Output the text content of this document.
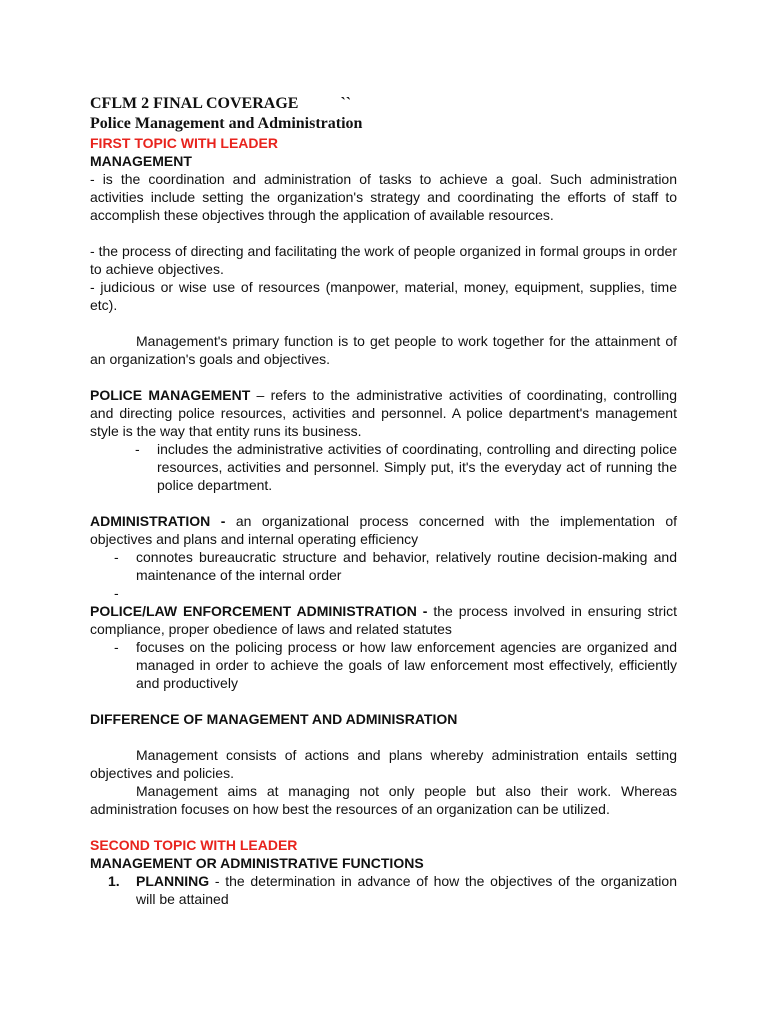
CFLM 2 FINAL COVERAGE	``

Police Management and Administration

FIRST TOPIC WITH LEADER

MANAGEMENT

- is the coordination and administration of tasks to achieve a goal. Such administration activities include setting the organization's strategy and coordinating the efforts of staff to accomplish these objectives through the application of available resources.

- the process of directing and facilitating the work of people organized in formal groups in order to achieve objectives.

- judicious or wise use of resources (manpower, material, money, equipment, supplies, time etc).

Management's primary function is to get people to work together for the attainment of an organization's goals and objectives.

POLICE MANAGEMENT – refers to the administrative activities of coordinating, controlling and directing police resources, activities and personnel. A police department's management style is the way that entity runs its business.

- includes the administrative activities of coordinating, controlling and directing police resources, activities and personnel. Simply put, it's the everyday act of running the police department.

ADMINISTRATION - an organizational process concerned with the implementation of objectives and plans and internal operating efficiency

- connotes bureaucratic structure and behavior, relatively routine decision-making and maintenance of the internal order
-

POLICE/LAW ENFORCEMENT ADMINISTRATION - the process involved in ensuring strict compliance, proper obedience of laws and related statutes

- focuses on the policing process or how law enforcement agencies are organized and managed in order to achieve the goals of law enforcement most effectively, efficiently and productively

DIFFERENCE OF MANAGEMENT AND ADMINISRATION

Management consists of actions and plans whereby administration entails setting objectives and policies.

Management aims at managing not only people but also their work. Whereas administration focuses on how best the resources of an organization can be utilized.

SECOND TOPIC WITH LEADER

MANAGEMENT OR ADMINISTRATIVE FUNCTIONS

1. PLANNING - the determination in advance of how the objectives of the organization will be attained
